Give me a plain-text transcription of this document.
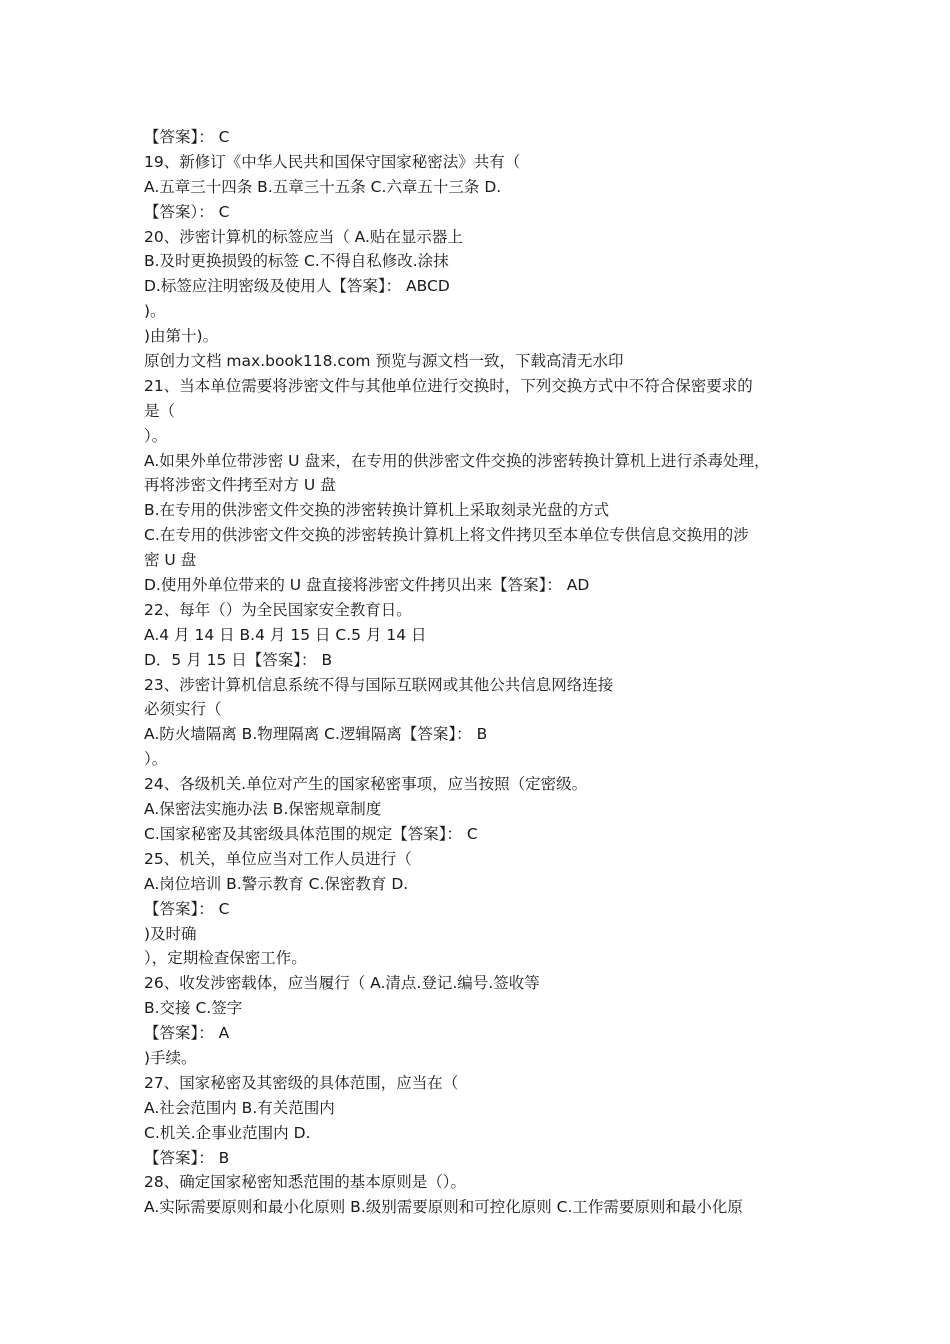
【答案】： C
19、新修订《中华人民共和国保守国家秘密法》共有（
A.五章三十四条 B.五章三十五条 C.六章五十三条 D.
【答案）： C
20、涉密计算机的标签应当（ A.贴在显示器上
B.及时更换损毁的标签 C.不得自私修改.涂抹
D.标签应注明密级及使用人【答案】： ABCD
)。
)由第十)。
原创力文档 max.book118.com 预览与源文档一致，下载高清无水印
21、当本单位需要将涉密文件与其他单位进行交换时，下列交换方式中不符合保密要求的
是（
）。
A.如果外单位带涉密 U 盘来，在专用的供涉密文件交换的涉密转换计算机上进行杀毒处理，
再将涉密文件拷至对方 U 盘
B.在专用的供涉密文件交换的涉密转换计算机上采取刻录光盘的方式
C.在专用的供涉密文件交换的涉密转换计算机上将文件拷贝至本单位专供信息交换用的涉
密 U 盘
D.使用外单位带来的 U 盘直接将涉密文件拷贝出来【答案】： AD
22、每年（）为全民国家安全教育日。
A.4 月 14 日 B.4 月 15 日 C.5 月 14 日
D．5 月 15 日【答案】： B
23、涉密计算机信息系统不得与国际互联网或其他公共信息网络连接
必须实行（
A.防火墙隔离 B.物理隔离 C.逻辑隔离【答案】： B
）。
24、各级机关.单位对产生的国家秘密事项，应当按照（定密级。
A.保密法实施办法 B.保密规章制度
C.国家秘密及其密级具体范围的规定【答案】： C
25、机关，单位应当对工作人员进行（
A.岗位培训 B.警示教育 C.保密教育 D.
【答案】： C
)及时确
），定期检查保密工作。
26、收发涉密载体，应当履行（ A.清点.登记.编号.签收等
B.交接 C.签字
【答案】： A
)手续。
27、国家秘密及其密级的具体范围，应当在（
A.社会范围内 B.有关范围内
C.机关.企事业范围内 D.
【答案】： B
28、确定国家秘密知悉范围的基本原则是（）。
A.实际需要原则和最小化原则 B.级别需要原则和可控化原则 C.工作需要原则和最小化原
